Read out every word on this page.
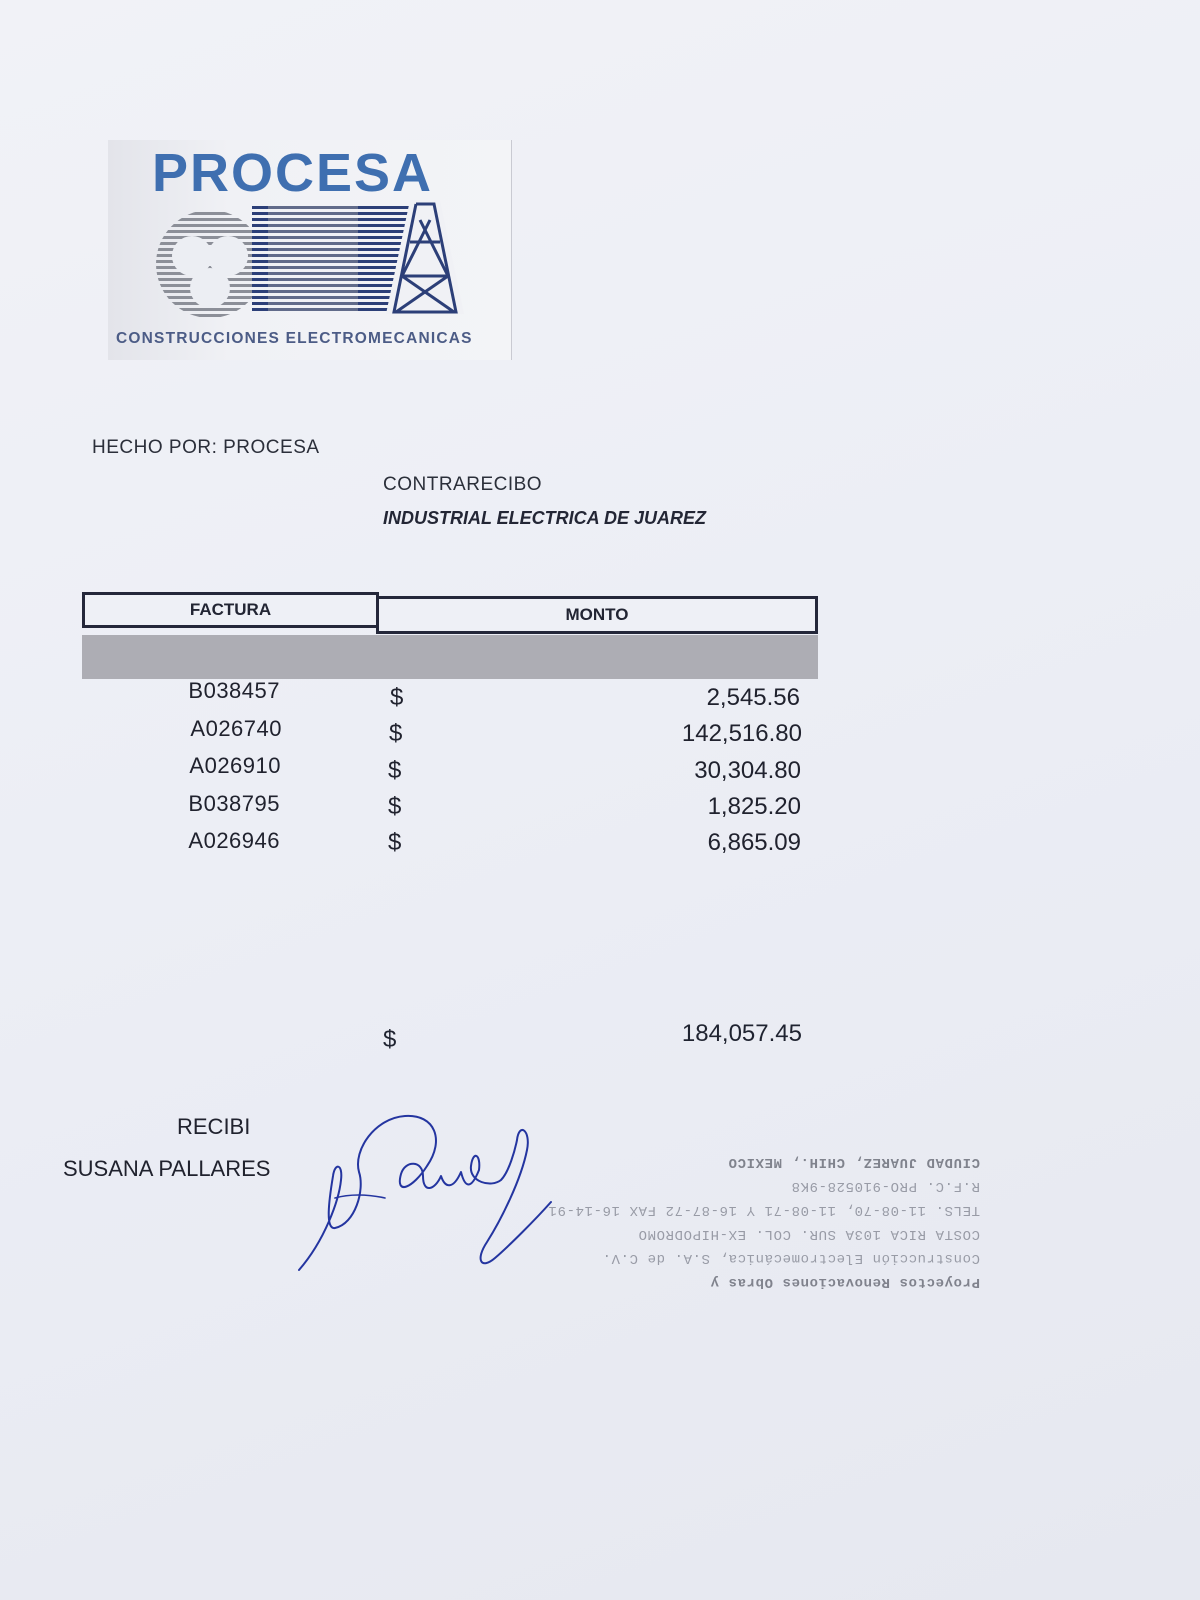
PROCESA
CONSTRUCCIONES ELECTROMECANICAS
HECHO POR: PROCESA
CONTRARECIBO
INDUSTRIAL ELECTRICA DE JUAREZ
FACTURA	MONTO
B038457	$	2,545.56
A026740	$	142,516.80
A026910	$	30,304.80
B038795	$	1,825.20
A026946	$	6,865.09
$	184,057.45
RECIBI
SUSANA PALLARES
Proyectos Renovaciones Obras y
Construcción Electromecánica, S.A. de C.V.
COSTA RICA 103A SUR. COL. EX-HIPODROMO
TELS. 11-08-70, 11-08-71 Y 16-87-72 FAX 16-14-91
R.F.C. PRO-910528-9K8
CIUDAD JUAREZ, CHIH., MEXICO
